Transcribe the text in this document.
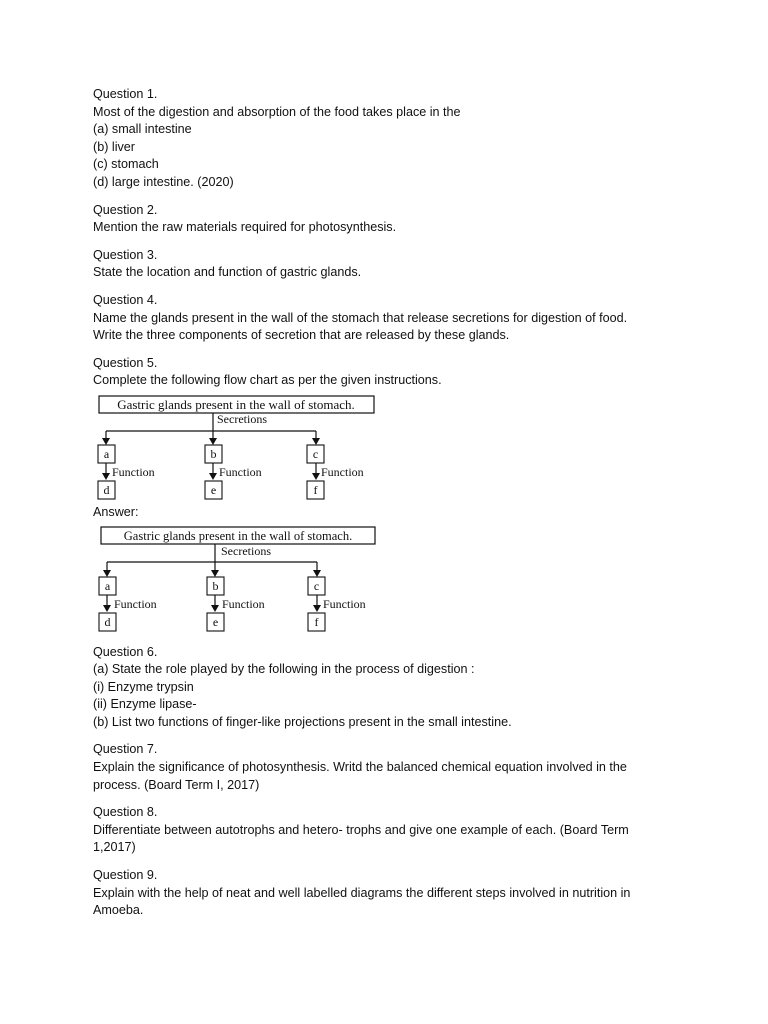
Question 1.
Most of the digestion and absorption of the food takes place in the
(a) small intestine
(b) liver
(c) stomach
(d) large intestine. (2020)
Question 2.
Mention the raw materials required for photosynthesis.
Question 3.
State the location and function of gastric glands.
Question 4.
Name the glands present in the wall of the stomach that release secretions for digestion of food.
Write the three components of secretion that are released by these glands.
Question 5.
Complete the following flow chart as per the given instructions.
Gastric glands present in the wall of stomach.
Secretions
a	b	c
Function	Function	Function
d	e	f
Answer:
Gastric glands present in the wall of stomach.
Secretions
a	b	c
Function	Function	Function
d	e	f
Question 6.
(a) State the role played by the following in the process of digestion :
(i) Enzyme trypsin
(ii) Enzyme lipase-
(b) List two functions of finger-like projections present in the small intestine.
Question 7.
Explain the significance of photosynthesis. Writd the balanced chemical equation involved in the
process. (Board Term I, 2017)
Question 8.
Differentiate between autotrophs and hetero- trophs and give one example of each. (Board Term
1,2017)
Question 9.
Explain with the help of neat and well labelled diagrams the different steps involved in nutrition in
Amoeba.
